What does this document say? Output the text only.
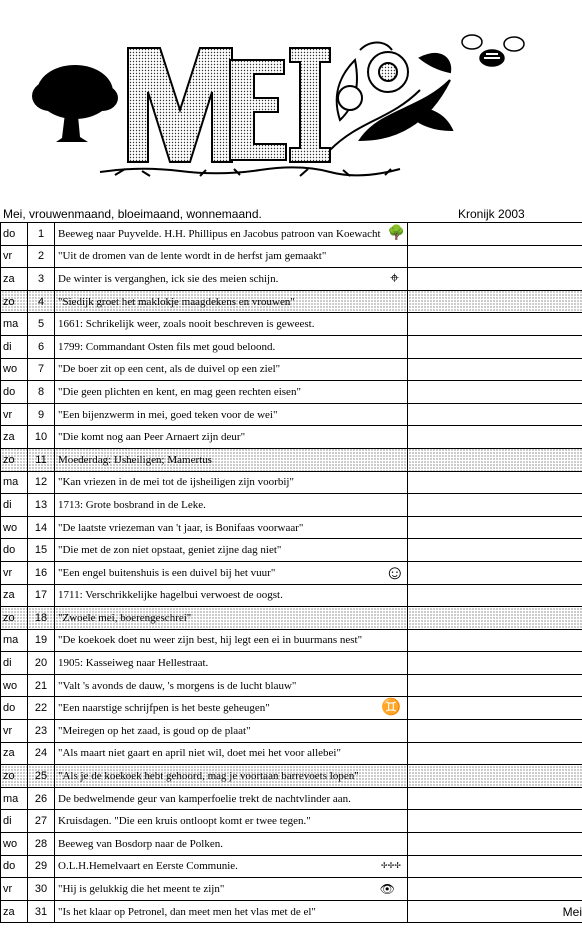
Mei, vrouwenmaand, bloeimaand, wonnemaand.	Kronijk 2003
do	1	Beeweg naar Puyvelde. H.H. Phillipus en Jacobus patroon van Koewacht 🌳	

vr	2	"Uit de dromen van de lente wordt in de herfst jam gemaakt"	
za	3	De winter is verganghen, ick sie des meien schijn. ⌖	

zo	4	"Siedijk groet het maklokje maagdekens en vrouwen"	
ma	5	1661: Schrikelijk weer, zoals nooit beschreven is geweest.	
di	6	1799: Commandant Osten fils met goud beloond.	
wo	7	"De boer zit op een cent, als de duivel op een ziel"	
do	8	"Die geen plichten en kent, en mag geen rechten eisen"	
vr	9	"Een bijenzwerm in mei, goed teken voor de wei"	
za	10	"Die komt nog aan Peer Arnaert zijn deur"	
zo	11	Moederdag: IJsheiligen; Mamertus	
ma	12	"Kan vriezen in de mei tot de ijsheiligen zijn voorbij"	
di	13	1713: Grote bosbrand in de Leke.	
wo	14	"De laatste vriezeman van 't jaar, is Bonifaas voorwaar"	
do	15	"Die met de zon niet opstaat, geniet zijne dag niet"	
vr	16	"Een engel buitenshuis is een duivel bij het vuur" ☺	

za	17	1711: Verschrikkelijke hagelbui verwoest de oogst.	
zo	18	"Zwoele mei, boerengeschrei"	
ma	19	"De koekoek doet nu weer zijn best, hij legt een ei in buurmans nest"	
di	20	1905: Kasseiweg naar Hellestraat.	
wo	21	"Valt 's avonds de dauw, 's morgens is de lucht blauw"	
do	22	"Een naarstige schrijfpen is het beste geheugen" ♊	

vr	23	"Meiregen op het zaad, is goud op de plaat"	
za	24	"Als maart niet gaart en april niet wil, doet mei het voor allebei"	
zo	25	"Als je de koekoek hebt gehoord, mag je voortaan barrevoets lopen"	
ma	26	De bedwelmende geur van kamperfoelie trekt de nachtvlinder aan.	
di	27	Kruisdagen. "Die een kruis ontloopt komt er twee tegen."	
wo	28	Beeweg van Bosdorp naar de Polken.	
do	29	O.L.H.Hemelvaart en Eerste Communie. ✢✢✢	

vr	30	"Hij is gelukkig die het meent te zijn" 👁	

za	31	"Is het klaar op Petronel, dan meet men het vlas met de el"	Mei
